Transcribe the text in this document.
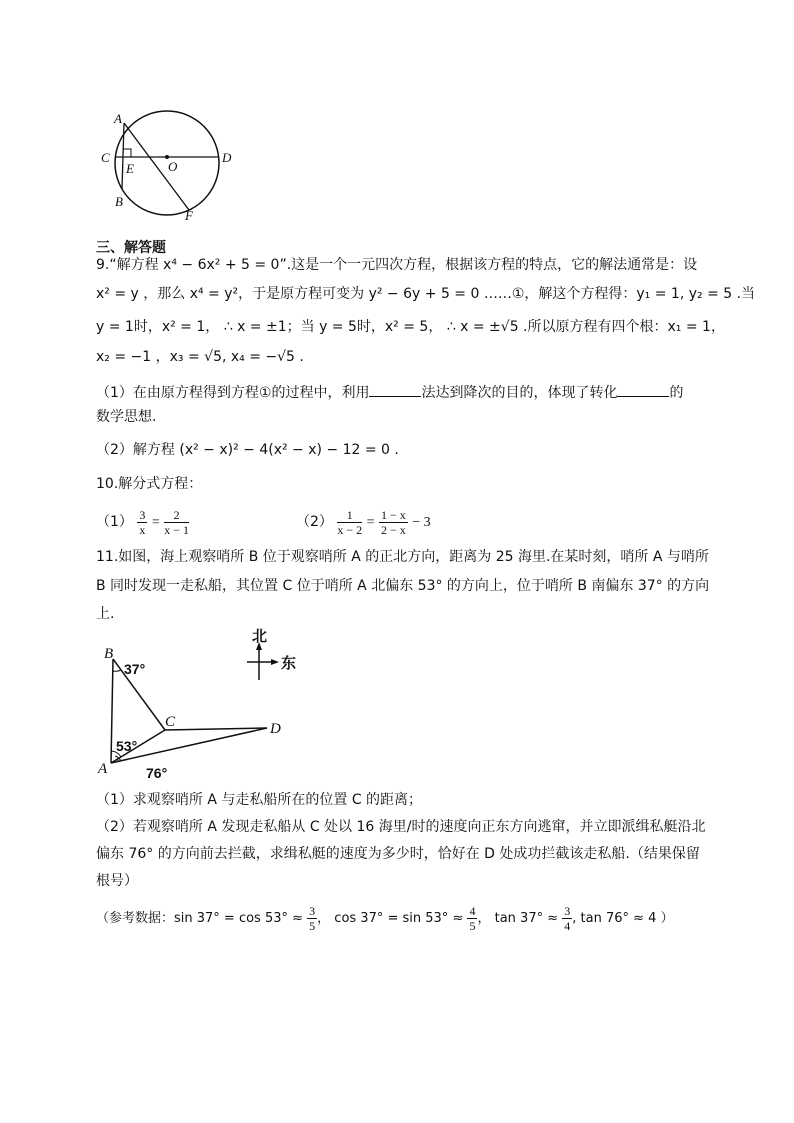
A
C
E	O
D
B
F
三、解答题
9.“解方程 x⁴ − 6x² + 5 = 0”.这是一个一元四次方程，根据该方程的特点，它的解法通常是：设
x² = y ，那么 x⁴ = y²，于是原方程可变为 y² − 6y + 5 = 0 ……①，解这个方程得：y₁ = 1, y₂ = 5 .当
y = 1时，x² = 1， ∴ x = ±1；当 y = 5时，x² = 5， ∴ x = ±√5 .所以原方程有四个根：x₁ = 1，
x₂ = −1 ，x₃ = √5, x₄ = −√5 .
（1）在由原方程得到方程①的过程中，利用	法达到降次的目的，体现了转化	的
数学思想.
（2）解方程 (x² − x)² − 4(x² − x) − 12 = 0 .
10.解分式方程：
$(1) \frac{3}{x} = \frac{2}{x - 1}$	$(2) \frac{1}{x - 2} = \frac{1 - x}{2 - x} - 3$
11.如图，海上观察哨所 B 位于观察哨所 A 的正北方向，距离为 25 海里.在某时刻，哨所 A 与哨所
B 同时发现一走私船，其位置 C 位于哨所 A 北偏东 53° 的方向上，位于哨所 B 南偏东 37° 的方向
上.
B
37°
C	D
53°
A	76°
北
东
（1）求观察哨所 A 与走私船所在的位置 C 的距离；
（2）若观察哨所 A 发现走私船从 C 处以 16 海里/时的速度向正东方向逃窜，并立即派缉私艇沿北
偏东 76° 的方向前去拦截，求缉私艇的速度为多少时，恰好在 D 处成功拦截该走私船.（结果保留
根号）
（参考数据：$\sin 37^\circ = \cos 53^\circ \approx \frac{3}{5}$ ， $\cos 37^\circ = \sin 53^\circ \approx \frac{4}{5}$ ， $\tan 37^\circ \approx \frac{3}{4}$ , tan 76° ≈ 4 ）
